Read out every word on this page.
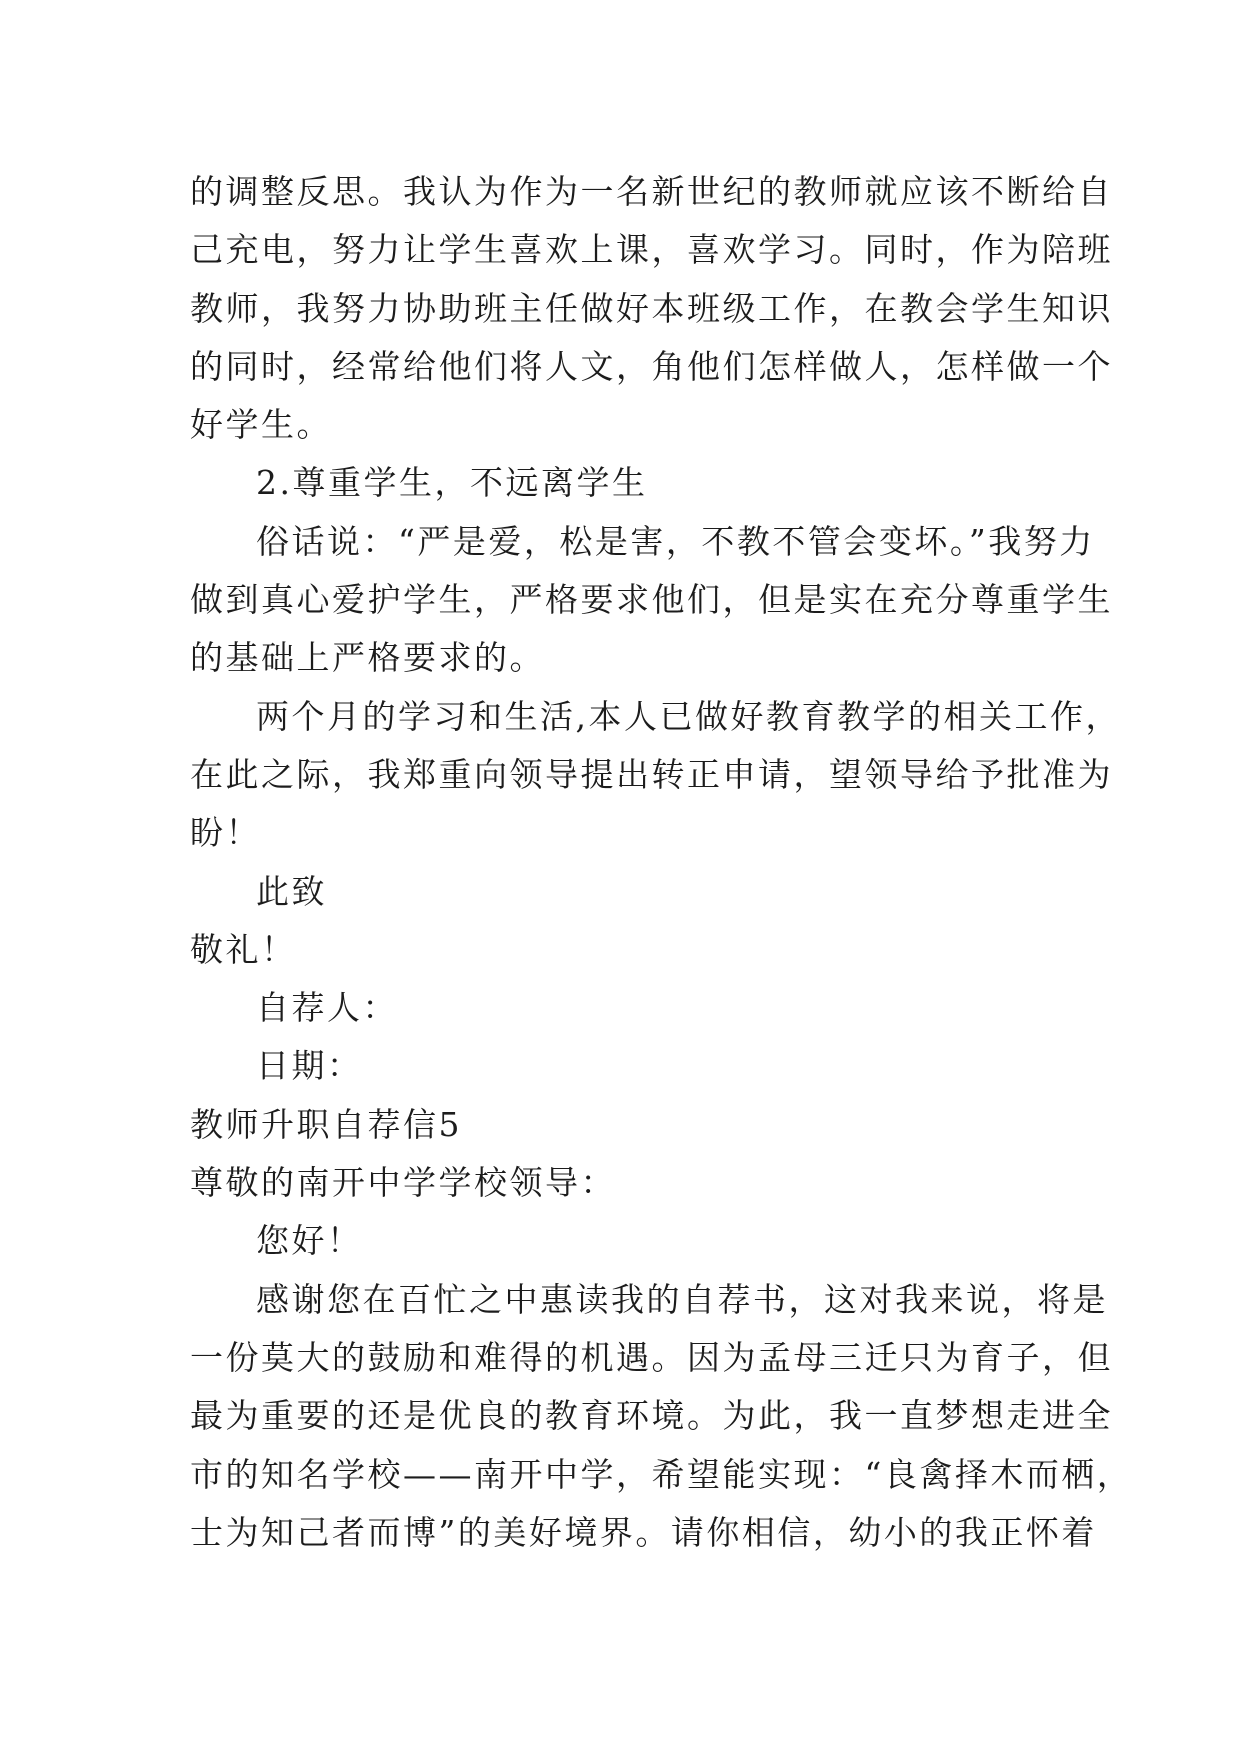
的调整反思。我认为作为一名新世纪的教师就应该不断给自
己充电，努力让学生喜欢上课，喜欢学习。同时，作为陪班
教师，我努力协助班主任做好本班级工作，在教会学生知识
的同时，经常给他们将人文，角他们怎样做人，怎样做一个
好学生。
2.尊重学生，不远离学生
俗话说：“严是爱，松是害，不教不管会变坏。”我努力
做到真心爱护学生，严格要求他们，但是实在充分尊重学生
的基础上严格要求的。
两个月的学习和生活,本人已做好教育教学的相关工作，
在此之际，我郑重向领导提出转正申请，望领导给予批准为
盼！
此致
敬礼！
自荐人：
日期：
教师升职自荐信5
尊敬的南开中学学校领导：
您好！
感谢您在百忙之中惠读我的自荐书，这对我来说，将是
一份莫大的鼓励和难得的机遇。因为孟母三迁只为育子，但
最为重要的还是优良的教育环境。为此，我一直梦想走进全
市的知名学校——南开中学，希望能实现：“良禽择木而栖，
士为知己者而博”的美好境界。请你相信，幼小的我正怀着
